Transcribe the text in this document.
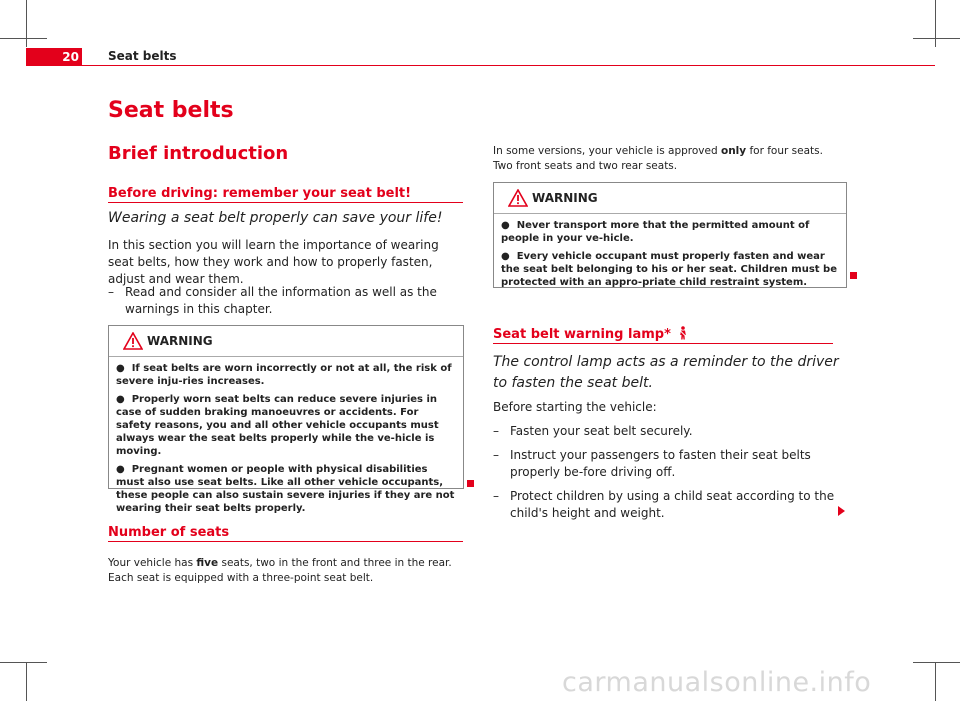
20 Seat belts
Seat belts
Brief introduction
Before driving: remember your seat belt!
Wearing a seat belt properly can save your life!
In this section you will learn the importance of wearing seat belts, how they work and how to properly fasten, adjust and wear them.
– Read and consider all the information as well as the warnings in this chapter.
WARNING
●  If seat belts are worn incorrectly or not at all, the risk of severe inju-ries increases.
●  Properly worn seat belts can reduce severe injuries in case of sudden braking manoeuvres or accidents. For safety reasons, you and all other vehicle occupants must always wear the seat belts properly while the ve-hicle is moving.
●  Pregnant women or people with physical disabilities must also use seat belts. Like all other vehicle occupants, these people can also sustain severe injuries if they are not wearing their seat belts properly.
Number of seats
Your vehicle has five seats, two in the front and three in the rear. Each seat is equipped with a three-point seat belt.
In some versions, your vehicle is approved only for four seats. Two front seats and two rear seats.
WARNING
●  Never transport more that the permitted amount of people in your ve-hicle.
●  Every vehicle occupant must properly fasten and wear the seat belt belonging to his or her seat. Children must be protected with an appro-priate child restraint system.
Seat belt warning lamp*
The control lamp acts as a reminder to the driver to fasten the seat belt.
Before starting the vehicle:
– Fasten your seat belt securely.
– Instruct your passengers to fasten their seat belts properly be-fore driving off.
– Protect children by using a child seat according to the child's height and weight.
carmanualsonline.info
